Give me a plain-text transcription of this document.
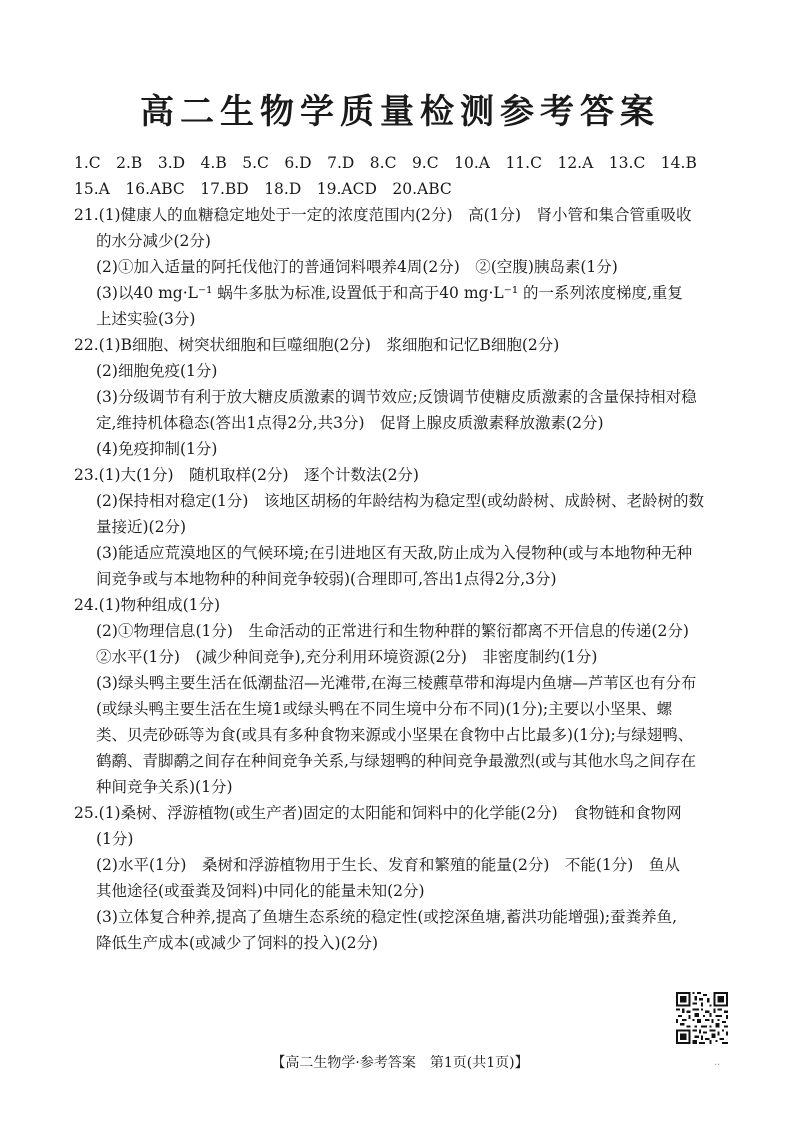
高二生物学质量检测参考答案
1.C　2.B　3.D　4.B　5.C　6.D　7.D　8.C　9.C　10.A　11.C　12.A　13.C　14.B
15.A　16.ABC　17.BD　18.D　19.ACD　20.ABC
21.(1)健康人的血糖稳定地处于一定的浓度范围内(2分)　高(1分)　肾小管和集合管重吸收
的水分减少(2分)
(2)①加入适量的阿托伐他汀的普通饲料喂养4周(2分)　②(空腹)胰岛素(1分)
(3)以40 mg·L⁻¹ 蜗牛多肽为标准,设置低于和高于40 mg·L⁻¹ 的一系列浓度梯度,重复
上述实验(3分)
22.(1)B细胞、树突状细胞和巨噬细胞(2分)　浆细胞和记忆B细胞(2分)
(2)细胞免疫(1分)
(3)分级调节有利于放大糖皮质激素的调节效应;反馈调节使糖皮质激素的含量保持相对稳
定,维持机体稳态(答出1点得2分,共3分)　促肾上腺皮质激素释放激素(2分)
(4)免疫抑制(1分)
23.(1)大(1分)　随机取样(2分)　逐个计数法(2分)
(2)保持相对稳定(1分)　该地区胡杨的年龄结构为稳定型(或幼龄树、成龄树、老龄树的数
量接近)(2分)
(3)能适应荒漠地区的气候环境;在引进地区有天敌,防止成为入侵物种(或与本地物种无种
间竞争或与本地物种的种间竞争较弱)(合理即可,答出1点得2分,3分)
24.(1)物种组成(1分)
(2)①物理信息(1分)　生命活动的正常进行和生物种群的繁衍都离不开信息的传递(2分)
②水平(1分)　(减少种间竞争),充分利用环境资源(2分)　非密度制约(1分)
(3)绿头鸭主要生活在低潮盐沼—光滩带,在海三棱藨草带和海堤内鱼塘—芦苇区也有分布
(或绿头鸭主要生活在生境1或绿头鸭在不同生境中分布不同)(1分);主要以小坚果、螺
类、贝壳砂砾等为食(或具有多种食物来源或小坚果在食物中占比最多)(1分);与绿翅鸭、
鹤鹬、青脚鹬之间存在种间竞争关系,与绿翅鸭的种间竞争最激烈(或与其他水鸟之间存在
种间竞争关系)(1分)
25.(1)桑树、浮游植物(或生产者)固定的太阳能和饲料中的化学能(2分)　食物链和食物网
(1分)
(2)水平(1分)　桑树和浮游植物用于生长、发育和繁殖的能量(2分)　不能(1分)　鱼从
其他途径(或蚕粪及饲料)中同化的能量未知(2分)
(3)立体复合种养,提高了鱼塘生态系统的稳定性(或挖深鱼塘,蓄洪功能增强);蚕粪养鱼,
降低生产成本(或减少了饲料的投入)(2分)
【高二生物学·参考答案　第1页(共1页)】	··
